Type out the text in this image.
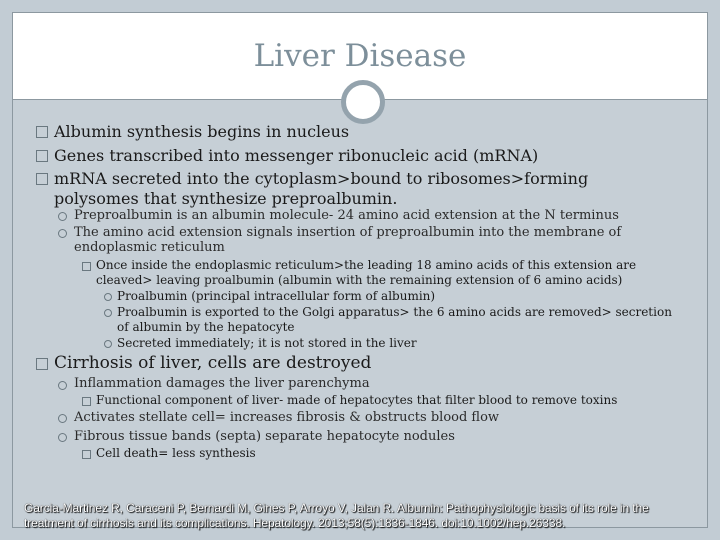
Liver Disease
Albumin synthesis begins in nucleus
Genes transcribed into messenger ribonucleic acid (mRNA)
mRNA secreted into the cytoplasm>bound to ribosomes>forming
polysomes that synthesize preproalbumin.
Preproalbumin is an albumin molecule- 24 amino acid extension at the N terminus
The amino acid extension signals insertion of preproalbumin into the membrane of
endoplasmic reticulum
Once inside the endoplasmic reticulum>the leading 18 amino acids of this extension are
cleaved> leaving proalbumin (albumin with the remaining extension of 6 amino acids)
Proalbumin (principal intracellular form of albumin)
Proalbumin is exported to the Golgi apparatus> the 6 amino acids are removed> secretion
of albumin by the hepatocyte
Secreted immediately; it is not stored in the liver
Cirrhosis of liver, cells are destroyed
Inflammation damages the liver parenchyma
Functional component of liver- made of hepatocytes that filter blood to remove toxins
Activates stellate cell= increases fibrosis & obstructs blood flow
Fibrous tissue bands (septa) separate hepatocyte nodules
Cell death= less synthesis
Garcia-Martinez R, Caraceni P, Bernardi M, Gines P, Arroyo V, Jalan R. Albumin: Pathophysiologic basis of its role in the
treatment of cirrhosis and its complications. Hepatology. 2013;58(5):1836-1846. doi:10.1002/hep.26338.
